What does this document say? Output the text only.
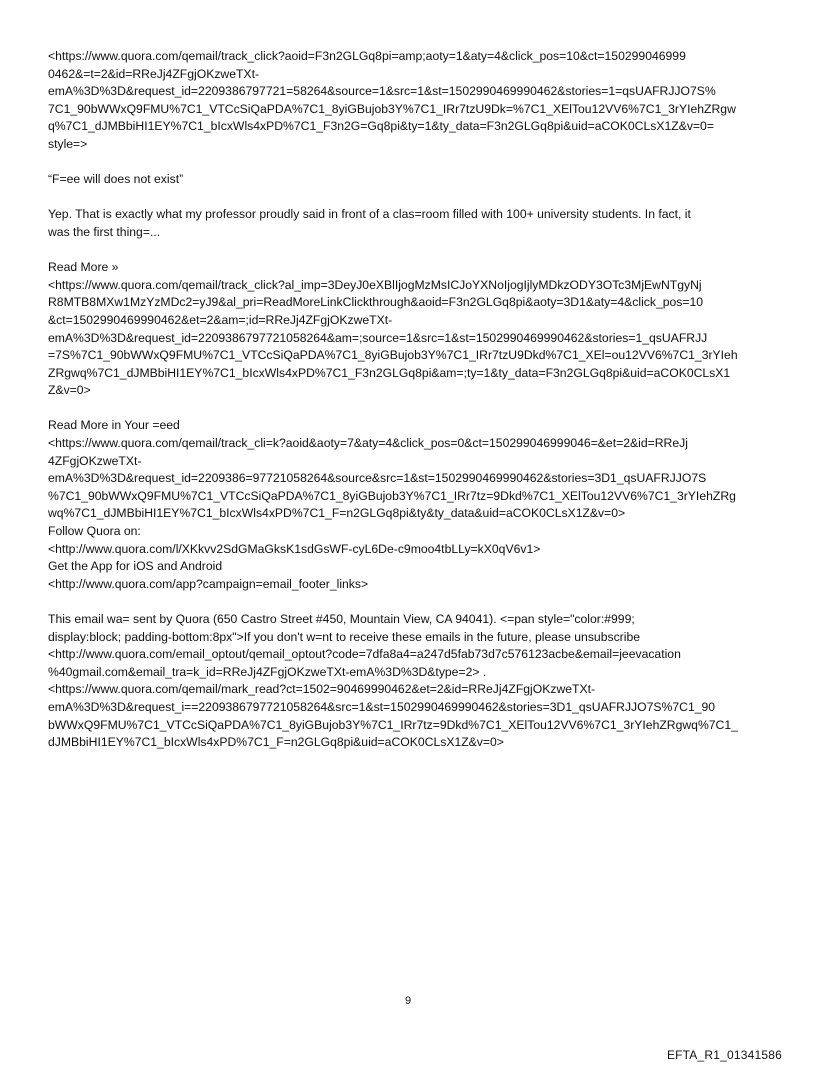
<https://www.quora.com/qemail/track_click?aoid=F3n2GLGq8pi=amp;aoty=1&aty=4&click_pos=10&ct=150299046999
0462&=t=2&id=RReJj4ZFgjOKzweTXt-
emA%3D%3D&request_id=2209386797721=58264&source=1&src=1&st=1502990469990462&stories=1=qsUAFRJJO7S%
7C1_90bWWxQ9FMU%7C1_VTCcSiQaPDA%7C1_8yiGBujob3Y%7C1_IRr7tzU9Dk=%7C1_XElTou12VV6%7C1_3rYIehZRgw
q%7C1_dJMBbiHI1EY%7C1_bIcxWls4xPD%7C1_F3n2G=Gq8pi&ty=1&ty_data=F3n2GLGq8pi&uid=aCOK0CLsX1Z&v=0=
style=>
“F=ee will does not exist”
Yep. That is exactly what my professor proudly said in front of a clas=room filled with 100+ university students. In fact, it
was the first thing=...
Read More »
<https://www.quora.com/qemail/track_click?al_imp=3DeyJ0eXBlIjogMzMsICJoYXNoIjogIjlyMDkzODY3OTc3MjEwNTgyNj
R8MTB8MXw1MzYzMDc2=yJ9&al_pri=ReadMoreLinkClickthrough&aoid=F3n2GLGq8pi&aoty=3D1&aty=4&click_pos=10
&ct=1502990469990462&et=2&am=;id=RReJj4ZFgjOKzweTXt-
emA%3D%3D&request_id=2209386797721058264&am=;source=1&src=1&st=1502990469990462&stories=1_qsUAFRJJ
=7S%7C1_90bWWxQ9FMU%7C1_VTCcSiQaPDA%7C1_8yiGBujob3Y%7C1_IRr7tzU9Dkd%7C1_XEl=ou12VV6%7C1_3rYIeh
ZRgwq%7C1_dJMBbiHI1EY%7C1_bIcxWls4xPD%7C1_F3n2GLGq8pi&am=;ty=1&ty_data=F3n2GLGq8pi&uid=aCOK0CLsX1
Z&v=0>
Read More in Your =eed
<https://www.quora.com/qemail/track_cli=k?aoid&aoty=7&aty=4&click_pos=0&ct=150299046999046=&et=2&id=RReJj
4ZFgjOKzweTXt-
emA%3D%3D&request_id=2209386=97721058264&source&src=1&st=1502990469990462&stories=3D1_qsUAFRJJO7S
%7C1_90bWWxQ9FMU%7C1_VTCcSiQaPDA%7C1_8yiGBujob3Y%7C1_IRr7tz=9Dkd%7C1_XElTou12VV6%7C1_3rYIehZRg
wq%7C1_dJMBbiHI1EY%7C1_bIcxWls4xPD%7C1_F=n2GLGq8pi&ty&ty_data&uid=aCOK0CLsX1Z&v=0>
Follow Quora on:
<http://www.quora.com/l/XKkvv2SdGMaGksK1sdGsWF-cyL6De-c9moo4tbLLy=kX0qV6v1>
Get the App for iOS and Android
<http://www.quora.com/app?campaign=email_footer_links>
This email wa= sent by Quora (650 Castro Street #450, Mountain View, CA 94041). <=pan style="color:#999;
display:block; padding-bottom:8px">If you don't w=nt to receive these emails in the future, please unsubscribe
<http://www.quora.com/email_optout/qemail_optout?code=7dfa8a4=a247d5fab73d7c576123acbe&email=jeevacation
%40gmail.com&email_tra=k_id=RReJj4ZFgjOKzweTXt-emA%3D%3D&type=2> .
<https://www.quora.com/qemail/mark_read?ct=1502=90469990462&et=2&id=RReJj4ZFgjOKzweTXt-
emA%3D%3D&request_i==2209386797721058264&src=1&st=1502990469990462&stories=3D1_qsUAFRJJO7S%7C1_90
bWWxQ9FMU%7C1_VTCcSiQaPDA%7C1_8yiGBujob3Y%7C1_IRr7tz=9Dkd%7C1_XElTou12VV6%7C1_3rYIehZRgwq%7C1_
dJMBbiHI1EY%7C1_bIcxWls4xPD%7C1_F=n2GLGq8pi&uid=aCOK0CLsX1Z&v=0>
9
EFTA_R1_01341586
